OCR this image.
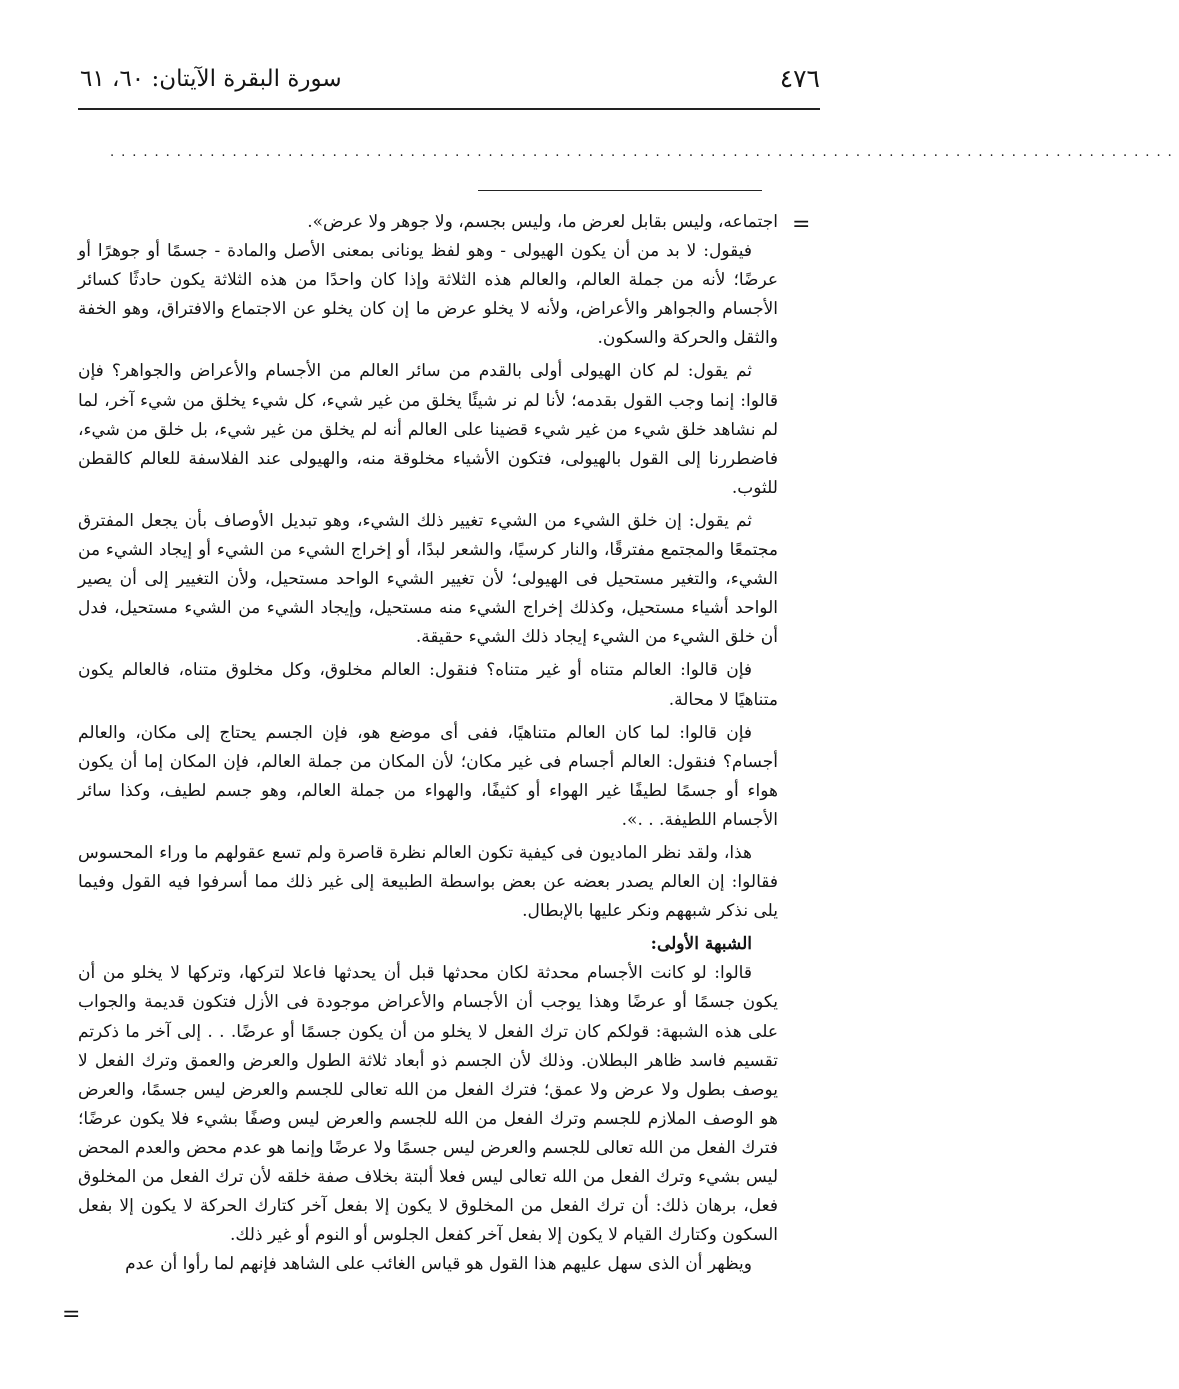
٤٧٦
سورة البقرة الآيتان: ٦٠، ٦١
................................................................................................
=

اجتماعه، وليس بقابل لعرض ما، وليس بجسم، ولا جوهر ولا عرض».

فيقول: لا بد من أن يكون الهيولى - وهو لفظ يونانى بمعنى الأصل والمادة - جسمًا أو جوهرًا أو عرضًا؛ لأنه من جملة العالم، والعالم هذه الثلاثة وإذا كان واحدًا من هذه الثلاثة يكون حادثًا كسائر الأجسام والجواهر والأعراض، ولأنه لا يخلو عرض ما إن كان يخلو عن الاجتماع والافتراق، وهو الخفة والثقل والحركة والسكون.

ثم يقول: لم كان الهيولى أولى بالقدم من سائر العالم من الأجسام والأعراض والجواهر؟ فإن قالوا: إنما وجب القول بقدمه؛ لأنا لم نر شيئًا يخلق من غير شيء، كل شيء يخلق من شيء آخر، لما لم نشاهد خلق شيء من غير شيء قضينا على العالم أنه لم يخلق من غير شيء، بل خلق من شيء، فاضطررنا إلى القول بالهيولى، فتكون الأشياء مخلوقة منه، والهيولى عند الفلاسفة للعالم كالقطن للثوب.

ثم يقول: إن خلق الشيء من الشيء تغيير ذلك الشيء، وهو تبديل الأوصاف بأن يجعل المفترق مجتمعًا والمجتمع مفترقًا، والنار كرسيًا، والشعر لبدًا، أو إخراج الشيء من الشيء أو إيجاد الشيء من الشيء، والتغير مستحيل فى الهيولى؛ لأن تغيير الشيء الواحد مستحيل، ولأن التغيير إلى أن يصير الواحد أشياء مستحيل، وكذلك إخراج الشيء منه مستحيل، وإيجاد الشيء من الشيء مستحيل، فدل أن خلق الشيء من الشيء إيجاد ذلك الشيء حقيقة.

فإن قالوا: العالم متناه أو غير متناه؟ فنقول: العالم مخلوق، وكل مخلوق متناه، فالعالم يكون متناهيًا لا محالة.

فإن قالوا: لما كان العالم متناهيًا، ففى أى موضع هو، فإن الجسم يحتاج إلى مكان، والعالم أجسام؟ فنقول: العالم أجسام فى غير مكان؛ لأن المكان من جملة العالم، فإن المكان إما أن يكون هواء أو جسمًا لطيفًا غير الهواء أو كثيفًا، والهواء من جملة العالم، وهو جسم لطيف، وكذا سائر الأجسام اللطيفة. . .».

هذا، ولقد نظر الماديون فى كيفية تكون العالم نظرة قاصرة ولم تسع عقولهم ما وراء المحسوس فقالوا: إن العالم يصدر بعضه عن بعض بواسطة الطبيعة إلى غير ذلك مما أسرفوا فيه القول وفيما يلى نذكر شبههم ونكر عليها بالإبطال.

الشبهة الأولى:

قالوا: لو كانت الأجسام محدثة لكان محدثها قبل أن يحدثها فاعلا لتركها، وتركها لا يخلو من أن يكون جسمًا أو عرضًا وهذا يوجب أن الأجسام والأعراض موجودة فى الأزل فتكون قديمة والجواب على هذه الشبهة: قولكم كان ترك الفعل لا يخلو من أن يكون جسمًا أو عرضًا. . . إلى آخر ما ذكرتم تقسيم فاسد ظاهر البطلان. وذلك لأن الجسم ذو أبعاد ثلاثة الطول والعرض والعمق وترك الفعل لا يوصف بطول ولا عرض ولا عمق؛ فترك الفعل من الله تعالى للجسم والعرض ليس جسمًا، والعرض هو الوصف الملازم للجسم وترك الفعل من الله للجسم والعرض ليس وصفًا بشيء فلا يكون عرضًا؛ فترك الفعل من الله تعالى للجسم والعرض ليس جسمًا ولا عرضًا وإنما هو عدم محض والعدم المحض ليس بشيء وترك الفعل من الله تعالى ليس فعلا ألبتة بخلاف صفة خلقه لأن ترك الفعل من المخلوق فعل، برهان ذلك: أن ترك الفعل من المخلوق لا يكون إلا بفعل آخر كتارك الحركة لا يكون إلا بفعل السكون وكتارك القيام لا يكون إلا بفعل آخر كفعل الجلوس أو النوم أو غير ذلك.

ويظهر أن الذى سهل عليهم هذا القول هو قياس الغائب على الشاهد فإنهم لما رأوا أن عدم

=
